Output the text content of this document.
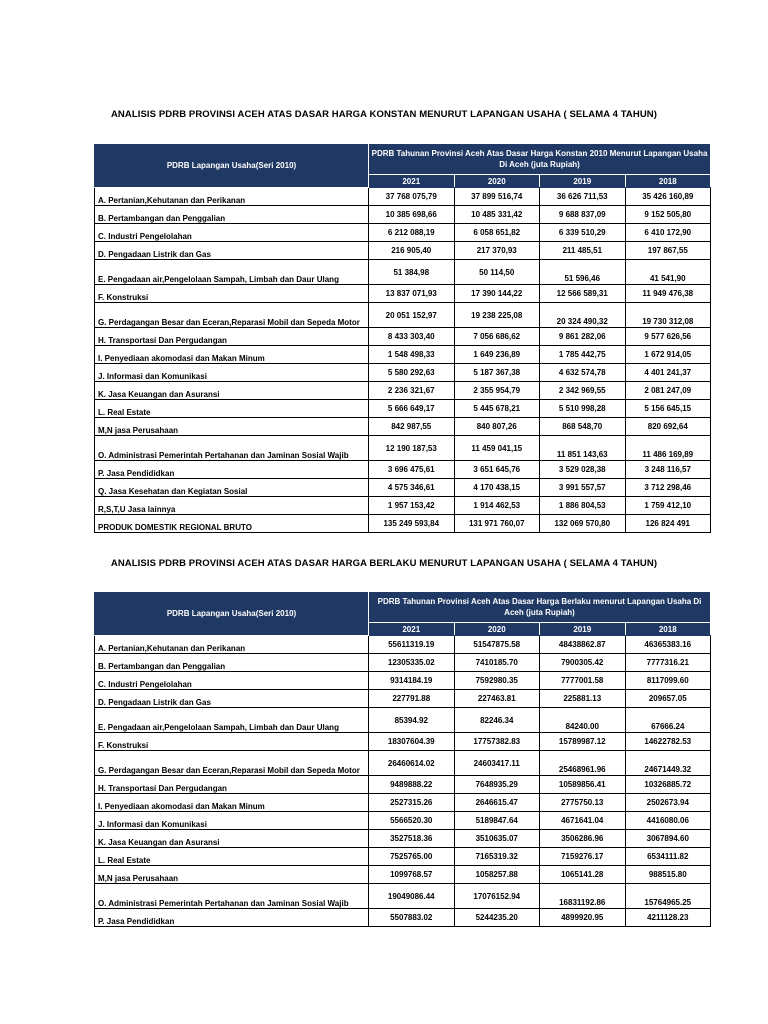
ANALISIS PDRB PROVINSI ACEH ATAS DASAR HARGA KONSTAN MENURUT LAPANGAN USAHA ( SELAMA 4 TAHUN)
PDRB Lapangan Usaha(Seri 2010)	PDRB Tahunan Provinsi Aceh Atas Dasar Harga Konstan 2010 Menurut Lapangan Usaha Di Aceh (juta Rupiah)			
	2021	2020	2019	2018
A. Pertanian,Kehutanan dan Perikanan	37 768 075,79	37 899 516,74	36 626 711,53	35 426 160,89
B. Pertambangan dan Penggalian	10 385 698,66	10 485 331,42	9 688 837,09	9 152 505,80
C. Industri Pengelolahan	6 212 088,19	6 058 651,82	6 339 510,29	6 410 172,90
D. Pengadaan Listrik dan Gas	216 905,40	217 370,93	211 485,51	197 867,55
E. Pengadaan air,Pengelolaan Sampah, Limbah dan Daur Ulang	51 384,98	50 114,50	51 596,46	41 541,90
F. Konstruksi	13 837 071,93	17 390 144,22	12 566 589,31	11 949 476,38
G. Perdagangan Besar dan Eceran,Reparasi Mobil dan Sepeda Motor	20 051 152,97	19 238 225,08	20 324 490,32	19 730 312,08
H. Transportasi Dan Pergudangan	8 433 303,40	7 056 686,62	9 861 282,06	9 577 626,56
I. Penyediaan akomodasi dan Makan Minum	1 548 498,33	1 649 236,89	1 785 442,75	1 672 914,05
J. Informasi dan Komunikasi	5 580 292,63	5 187 367,38	4 632 574,78	4 401 241,37
K. Jasa Keuangan dan Asuransi	2 236 321,67	2 355 954,79	2 342 969,55	2 081 247,09
L. Real Estate	5 666 649,17	5 445 678,21	5 510 998,28	5 156 645,15
M,N jasa Perusahaan	842 987,55	840 807,26	868 548,70	820 692,64
O. Administrasi Pemerintah Pertahanan dan Jaminan Sosial Wajib	12 190 187,53	11 459 041,15	11 851 143,63	11 486 169,89
P. Jasa Pendididkan	3 696 475,61	3 651 645,76	3 529 028,38	3 248 116,57
Q. Jasa Kesehatan dan Kegiatan Sosial	4 575 346,61	4 170 438,15	3 991 557,57	3 712 298,46
R,S,T,U Jasa lainnya	1 957 153,42	1 914 462,53	1 886 804,53	1 759 412,10
PRODUK DOMESTIK REGIONAL BRUTO	135 249 593,84	131 971 760,07	132 069 570,80	126 824 491
ANALISIS PDRB PROVINSI ACEH ATAS DASAR HARGA BERLAKU MENURUT LAPANGAN USAHA ( SELAMA 4 TAHUN)
PDRB Lapangan Usaha(Seri 2010)	PDRB Tahunan Provinsi Aceh Atas Dasar Harga Berlaku menurut Lapangan Usaha Di Aceh (juta Rupiah)			
	2021	2020	2019	2018
A. Pertanian,Kehutanan dan Perikanan	55611319.19	51547875.58	48438862.87	46365383.16
B. Pertambangan dan Penggalian	12305335.02	7410185.70	7900305.42	7777316.21
C. Industri Pengelolahan	9314184.19	7592980.35	7777001.58	8117099.60
D. Pengadaan Listrik dan Gas	227791.88	227463.81	225881.13	209657.05
E. Pengadaan air,Pengelolaan Sampah, Limbah dan Daur Ulang	85394.92	82246.34	84240.00	67666.24
F. Konstruksi	18307604.39	17757382.83	15789987.12	14622782.53
G. Perdagangan Besar dan Eceran,Reparasi Mobil dan Sepeda Motor	26460614.02	24603417.11	25468961.96	24671449.32
H. Transportasi Dan Pergudangan	9489888.22	7648935.29	10589856.41	10326885.72
I. Penyediaan akomodasi dan Makan Minum	2527315.26	2646615.47	2775750.13	2502673.94
J. Informasi dan Komunikasi	5566520.30	5189847.64	4671641.04	4416080.06
K. Jasa Keuangan dan Asuransi	3527518.36	3510635.07	3506286.96	3067894.60
L. Real Estate	7525765.00	7165319.32	7159276.17	6534111.82
M,N jasa Perusahaan	1099768.57	1058257.88	1065141.28	988515.80
O. Administrasi Pemerintah Pertahanan dan Jaminan Sosial Wajib	19049086.44	17076152.94	16831192.86	15764965.25
P. Jasa Pendididkan	5507883.02	5244235.20	4899920.95	4211128.23
